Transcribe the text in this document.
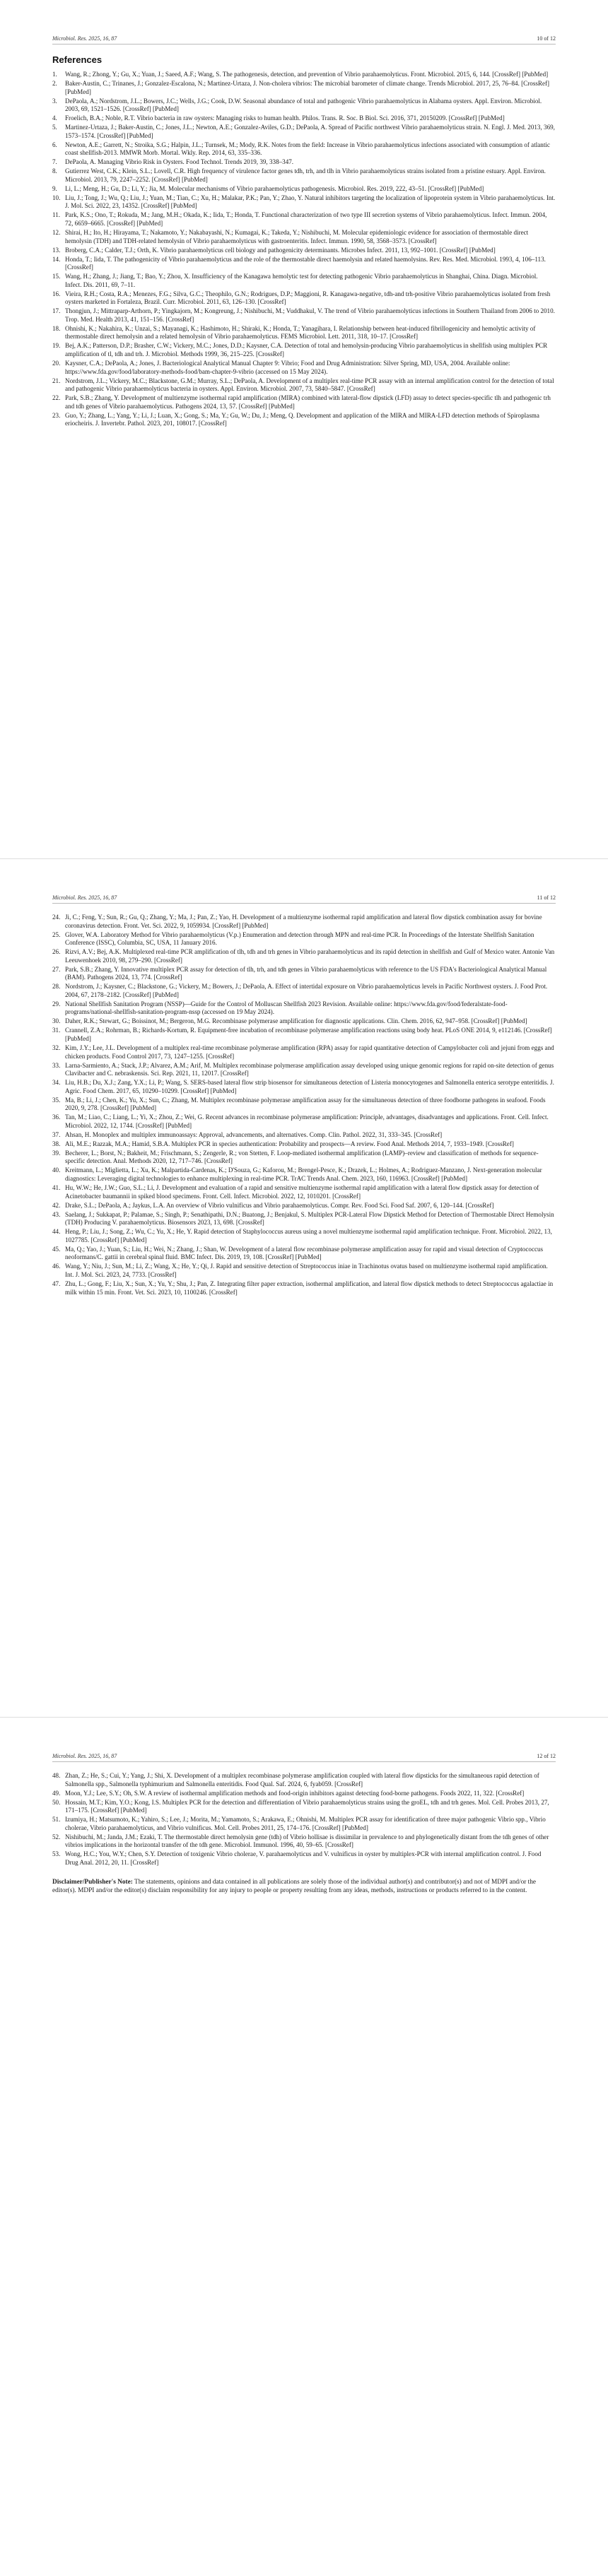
Microbiol. Res. 2025, 16, 87	10 of 12
References
1.	Wang, R.; Zhong, Y.; Gu, X.; Yuan, J.; Saeed, A.F.; Wang, S. The pathogenesis, detection, and prevention of Vibrio parahaemolyticus. Front. Microbiol. 2015, 6, 144. [CrossRef] [PubMed]
2.	Baker-Austin, C.; Trinanes, J.; Gonzalez-Escalona, N.; Martinez-Urtaza, J. Non-cholera vibrios: The microbial barometer of climate change. Trends Microbiol. 2017, 25, 76–84. [CrossRef] [PubMed]
3.	DePaola, A.; Nordstrom, J.L.; Bowers, J.C.; Wells, J.G.; Cook, D.W. Seasonal abundance of total and pathogenic Vibrio parahaemolyticus in Alabama oysters. Appl. Environ. Microbiol. 2003, 69, 1521–1526. [CrossRef] [PubMed]
4.	Froelich, B.A.; Noble, R.T. Vibrio bacteria in raw oysters: Managing risks to human health. Philos. Trans. R. Soc. B Biol. Sci. 2016, 371, 20150209. [CrossRef] [PubMed]
5.	Martinez-Urtaza, J.; Baker-Austin, C.; Jones, J.L.; Newton, A.E.; Gonzalez-Aviles, G.D.; DePaola, A. Spread of Pacific northwest Vibrio parahaemolyticus strain. N. Engl. J. Med. 2013, 369, 1573–1574. [CrossRef] [PubMed]
6.	Newton, A.E.; Garrett, N.; Stroika, S.G.; Halpin, J.L.; Turnsek, M.; Mody, R.K. Notes from the field: Increase in Vibrio parahaemolyticus infections associated with consumption of atlantic coast shellfish-2013. MMWR Morb. Mortal. Wkly. Rep. 2014, 63, 335–336.
7.	DePaola, A. Managing Vibrio Risk in Oysters. Food Technol. Trends 2019, 39, 338–347.
8.	Gutierrez West, C.K.; Klein, S.L.; Lovell, C.R. High frequency of virulence factor genes tdh, trh, and tlh in Vibrio parahaemolyticus strains isolated from a pristine estuary. Appl. Environ. Microbiol. 2013, 79, 2247–2252. [CrossRef] [PubMed]
9.	Li, L.; Meng, H.; Gu, D.; Li, Y.; Jia, M. Molecular mechanisms of Vibrio parahaemolyticus pathogenesis. Microbiol. Res. 2019, 222, 43–51. [CrossRef] [PubMed]
10. Liu, J.; Tong, J.; Wu, Q.; Liu, J.; Yuan, M.; Tian, C.; Xu, H.; Malakar, P.K.; Pan, Y.; Zhao, Y. Natural inhibitors targeting the localization of lipoprotein system in Vibrio parahaemolyticus. Int. J. Mol. Sci. 2022, 23, 14352. [CrossRef] [PubMed]
11. Park, K.S.; Ono, T.; Rokuda, M.; Jang, M.H.; Okada, K.; Iida, T.; Honda, T. Functional characterization of two type III secretion systems of Vibrio parahaemolyticus. Infect. Immun. 2004, 72, 6659–6665. [CrossRef] [PubMed]
12. Shirai, H.; Ito, H.; Hirayama, T.; Nakamoto, Y.; Nakabayashi, N.; Kumagai, K.; Takeda, Y.; Nishibuchi, M. Molecular epidemiologic evidence for association of thermostable direct hemolysin (TDH) and TDH-related hemolysin of Vibrio parahaemolyticus with gastroenteritis. Infect. Immun. 1990, 58, 3568–3573. [CrossRef]
13. Broberg, C.A.; Calder, T.J.; Orth, K. Vibrio parahaemolyticus cell biology and pathogenicity determinants. Microbes Infect. 2011, 13, 992–1001. [CrossRef] [PubMed]
14. Honda, T.; Iida, T. The pathogenicity of Vibrio parahaemolyticus and the role of the thermostable direct haemolysin and related haemolysins. Rev. Res. Med. Microbiol. 1993, 4, 106–113. [CrossRef]
15. Wang, H.; Zhang, J.; Jiang, T.; Bao, Y.; Zhou, X. Insufficiency of the Kanagawa hemolytic test for detecting pathogenic Vibrio parahaemolyticus in Shanghai, China. Diagn. Microbiol. Infect. Dis. 2011, 69, 7–11.
16. Vieira, R.H.; Costa, R.A.; Menezes, F.G.; Silva, G.C.; Theophilo, G.N.; Rodrigues, D.P.; Maggioni, R. Kanagawa-negative, tdh-and trh-positive Vibrio parahaemolyticus isolated from fresh oysters marketed in Fortaleza, Brazil. Curr. Microbiol. 2011, 63, 126–130. [CrossRef]
17. Thongjun, J.; Mittraparp-Arthorn, P.; Yingkajorn, M.; Kongreung, J.; Nishibuchi, M.; Vuddhakul, V. The trend of Vibrio parahaemolyticus infections in Southern Thailand from 2006 to 2010. Trop. Med. Health 2013, 41, 151–156. [CrossRef]
18. Ohnishi, K.; Nakahira, K.; Unzai, S.; Mayanagi, K.; Hashimoto, H.; Shiraki, K.; Honda, T.; Yanagihara, I. Relationship between heat-induced fibrillogenicity and hemolytic activity of thermostable direct hemolysin and a related hemolysin of Vibrio parahaemolyticus. FEMS Microbiol. Lett. 2011, 318, 10–17. [CrossRef]
19. Bej, A.K.; Patterson, D.P.; Brasher, C.W.; Vickery, M.C.; Jones, D.D.; Kaysner, C.A. Detection of total and hemolysin-producing Vibrio parahaemolyticus in shellfish using multiplex PCR amplification of tl, tdh and trh. J. Microbiol. Methods 1999, 36, 215–225. [CrossRef]
20. Kaysner, C.A.; DePaola, A.; Jones, J. Bacteriological Analytical Manual Chapter 9: Vibrio; Food and Drug Administration: Silver Spring, MD, USA, 2004. Available online: https://www.fda.gov/food/laboratory-methods-food/bam-chapter-9-vibrio (accessed on 15 May 2024).
21. Nordstrom, J.L.; Vickery, M.C.; Blackstone, G.M.; Murray, S.L.; DePaola, A. Development of a multiplex real-time PCR assay with an internal amplification control for the detection of total and pathogenic Vibrio parahaemolyticus bacteria in oysters. Appl. Environ. Microbiol. 2007, 73, 5840–5847. [CrossRef]
22. Park, S.B.; Zhang, Y. Development of multienzyme isothermal rapid amplification (MIRA) combined with lateral-flow dipstick (LFD) assay to detect species-specific tlh and pathogenic trh and tdh genes of Vibrio parahaemolyticus. Pathogens 2024, 13, 57. [CrossRef] [PubMed]
23. Guo, Y.; Zhang, L.; Yang, Y.; Li, J.; Luan, X.; Gong, S.; Ma, Y.; Gu, W.; Du, J.; Meng, Q. Development and application of the MIRA and MIRA-LFD detection methods of Spiroplasma eriocheiris. J. Invertebr. Pathol. 2023, 201, 108017. [CrossRef]
Microbiol. Res. 2025, 16, 87	11 of 12
24. Ji, C.; Feng, Y.; Sun, R.; Gu, Q.; Zhang, Y.; Ma, J.; Pan, Z.; Yao, H. Development of a multienzyme isothermal rapid amplification and lateral flow dipstick combination assay for bovine coronavirus detection. Front. Vet. Sci. 2022, 9, 1059934. [CrossRef] [PubMed]
25. Glover, W.A. Laboratory Method for Vibrio parahaemolyticus (V.p.) Enumeration and detection through MPN and real-time PCR. In Proceedings of the Interstate Shellfish Sanitation Conference (ISSC), Columbia, SC, USA, 11 January 2016.
26. Rizvi, A.V.; Bej, A.K. Multiplexed real-time PCR amplification of tlh, tdh and trh genes in Vibrio parahaemolyticus and its rapid detection in shellfish and Gulf of Mexico water. Antonie Van Leeuwenhoek 2010, 98, 279–290. [CrossRef]
27. Park, S.B.; Zhang, Y. Innovative multiplex PCR assay for detection of tlh, trh, and tdh genes in Vibrio parahaemolyticus with reference to the US FDA's Bacteriological Analytical Manual (BAM). Pathogens 2024, 13, 774. [CrossRef]
28. Nordstrom, J.; Kaysner, C.; Blackstone, G.; Vickery, M.; Bowers, J.; DePaola, A. Effect of intertidal exposure on Vibrio parahaemolyticus levels in Pacific Northwest oysters. J. Food Prot. 2004, 67, 2178–2182. [CrossRef] [PubMed]
29. National Shellfish Sanitation Program (NSSP)—Guide for the Control of Molluscan Shellfish 2023 Revision. Available online: https://www.fda.gov/food/federalstate-food-programs/national-shellfish-sanitation-program-nssp (accessed on 19 May 2024).
30. Daher, R.K.; Stewart, G.; Boissinot, M.; Bergeron, M.G. Recombinase polymerase amplification for diagnostic applications. Clin. Chem. 2016, 62, 947–958. [CrossRef] [PubMed]
31. Crannell, Z.A.; Rohrman, B.; Richards-Kortum, R. Equipment-free incubation of recombinase polymerase amplification reactions using body heat. PLoS ONE 2014, 9, e112146. [CrossRef] [PubMed]
32. Kim, J.Y.; Lee, J.L. Development of a multiplex real-time recombinase polymerase amplification (RPA) assay for rapid quantitative detection of Campylobacter coli and jejuni from eggs and chicken products. Food Control 2017, 73, 1247–1255. [CrossRef]
33. Larna-Sarmiento, A.; Stack, J.P.; Alvarez, A.M.; Arif, M. Multiplex recombinase polymerase amplification assay developed using unique genomic regions for rapid on-site detection of genus Clavibacter and C. nebraskensis. Sci. Rep. 2021, 11, 12017. [CrossRef]
34. Liu, H.B.; Du, X.J.; Zang, Y.X.; Li, P.; Wang, S. SERS-based lateral flow strip biosensor for simultaneous detection of Listeria monocytogenes and Salmonella enterica serotype enteritidis. J. Agric. Food Chem. 2017, 65, 10290–10299. [CrossRef] [PubMed]
35. Ma, B.; Li, J.; Chen, K.; Yu, X.; Sun, C.; Zhang, M. Multiplex recombinase polymerase amplification assay for the simultaneous detection of three foodborne pathogens in seafood. Foods 2020, 9, 278. [CrossRef] [PubMed]
36. Tan, M.; Liao, C.; Liang, L.; Yi, X.; Zhou, Z.; Wei, G. Recent advances in recombinase polymerase amplification: Principle, advantages, disadvantages and applications. Front. Cell. Infect. Microbiol. 2022, 12, 1744. [CrossRef] [PubMed]
37. Ahsan, H. Monoplex and multiplex immunoassays: Approval, advancements, and alternatives. Comp. Clin. Pathol. 2022, 31, 333–345. [CrossRef]
38. Ali, M.E.; Razzak, M.A.; Hamid, S.B.A. Multiplex PCR in species authentication: Probability and prospects—A review. Food Anal. Methods 2014, 7, 1933–1949. [CrossRef]
39. Becherer, L.; Borst, N.; Bakheit, M.; Frischmann, S.; Zengerle, R.; von Stetten, F. Loop-mediated isothermal amplification (LAMP)–review and classification of methods for sequence-specific detection. Anal. Methods 2020, 12, 717–746. [CrossRef]
40. Kreitmann, L.; Miglietta, L.; Xu, K.; Malpartida-Cardenas, K.; D'Souza, G.; Kaforou, M.; Brengel-Pesce, K.; Drazek, L.; Holmes, A.; Rodriguez-Manzano, J. Next-generation molecular diagnostics: Leveraging digital technologies to enhance multiplexing in real-time PCR. TrAC Trends Anal. Chem. 2023, 160, 116963. [CrossRef] [PubMed]
41. Hu, W.W.; He, J.W.; Guo, S.L.; Li, J. Development and evaluation of a rapid and sensitive multienzyme isothermal rapid amplification with a lateral flow dipstick assay for detection of Acinetobacter baumannii in spiked blood specimens. Front. Cell. Infect. Microbiol. 2022, 12, 1010201. [CrossRef]
42. Drake, S.L.; DePaola, A.; Jaykus, L.A. An overview of Vibrio vulnificus and Vibrio parahaemolyticus. Compr. Rev. Food Sci. Food Saf. 2007, 6, 120–144. [CrossRef]
43. Saelang, J.; Sukkapat, P.; Palamae, S.; Singh, P.; Senathipathi, D.N.; Buatong, J.; Benjakul, S. Multiplex PCR-Lateral Flow Dipstick Method for Detection of Thermostable Direct Hemolysin (TDH) Producing V. parahaemolyticus. Biosensors 2023, 13, 698. [CrossRef]
44. Heng, P.; Liu, J.; Song, Z.; Wu, C.; Yu, X.; He, Y. Rapid detection of Staphylococcus aureus using a novel multienzyme isothermal rapid amplification technique. Front. Microbiol. 2022, 13, 1027785. [CrossRef] [PubMed]
45. Ma, Q.; Yao, J.; Yuan, S.; Liu, H.; Wei, N.; Zhang, J.; Shan, W. Development of a lateral flow recombinase polymerase amplification assay for rapid and visual detection of Cryptococcus neoformans/C. gattii in cerebral spinal fluid. BMC Infect. Dis. 2019, 19, 108. [CrossRef] [PubMed]
46. Wang, Y.; Niu, J.; Sun, M.; Li, Z.; Wang, X.; He, Y.; Qi, J. Rapid and sensitive detection of Streptococcus iniae in Trachinotus ovatus based on multienzyme isothermal rapid amplification. Int. J. Mol. Sci. 2023, 24, 7733. [CrossRef]
47. Zhu, L.; Gong, F.; Liu, X.; Sun, X.; Yu, Y.; Shu, J.; Pan, Z. Integrating filter paper extraction, isothermal amplification, and lateral flow dipstick methods to detect Streptococcus agalactiae in milk within 15 min. Front. Vet. Sci. 2023, 10, 1100246. [CrossRef]
Microbiol. Res. 2025, 16, 87	12 of 12
48. Zhan, Z.; He, S.; Cui, Y.; Yang, J.; Shi, X. Development of a multiplex recombinase polymerase amplification coupled with lateral flow dipsticks for the simultaneous rapid detection of Salmonella spp., Salmonella typhimurium and Salmonella enteritidis. Food Qual. Saf. 2024, 6, fyab059. [CrossRef]
49. Moon, Y.J.; Lee, S.Y.; Oh, S.W. A review of isothermal amplification methods and food-origin inhibitors against detecting food-borne pathogens. Foods 2022, 11, 322. [CrossRef]
50. Hossain, M.T.; Kim, Y.O.; Kong, I.S. Multiplex PCR for the detection and differentiation of Vibrio parahaemolyticus strains using the groEL, tdh and trh genes. Mol. Cell. Probes 2013, 27, 171–175. [CrossRef] [PubMed]
51. Izumiya, H.; Matsumoto, K.; Yahiro, S.; Lee, J.; Morita, M.; Yamamoto, S.; Arakawa, E.; Ohnishi, M. Multiplex PCR assay for identification of three major pathogenic Vibrio spp., Vibrio cholerae, Vibrio parahaemolyticus, and Vibrio vulnificus. Mol. Cell. Probes 2011, 25, 174–176. [CrossRef] [PubMed]
52. Nishibuchi, M.; Janda, J.M.; Ezaki, T. The thermostable direct hemolysin gene (tdh) of Vibrio hollisae is dissimilar in prevalence to and phylogenetically distant from the tdh genes of other vibrios implications in the horizontal transfer of the tdh gene. Microbiol. Immunol. 1996, 40, 59–65. [CrossRef]
53. Wong, H.C.; You, W.Y.; Chen, S.Y. Detection of toxigenic Vibrio cholerae, V. parahaemolyticus and V. vulnificus in oyster by multiplex-PCR with internal amplification control. J. Food Drug Anal. 2012, 20, 11. [CrossRef]

Disclaimer/Publisher's Note: The statements, opinions and data contained in all publications are solely those of the individual author(s) and contributor(s) and not of MDPI and/or the editor(s). MDPI and/or the editor(s) disclaim responsibility for any injury to people or property resulting from any ideas, methods, instructions or products referred to in the content.
